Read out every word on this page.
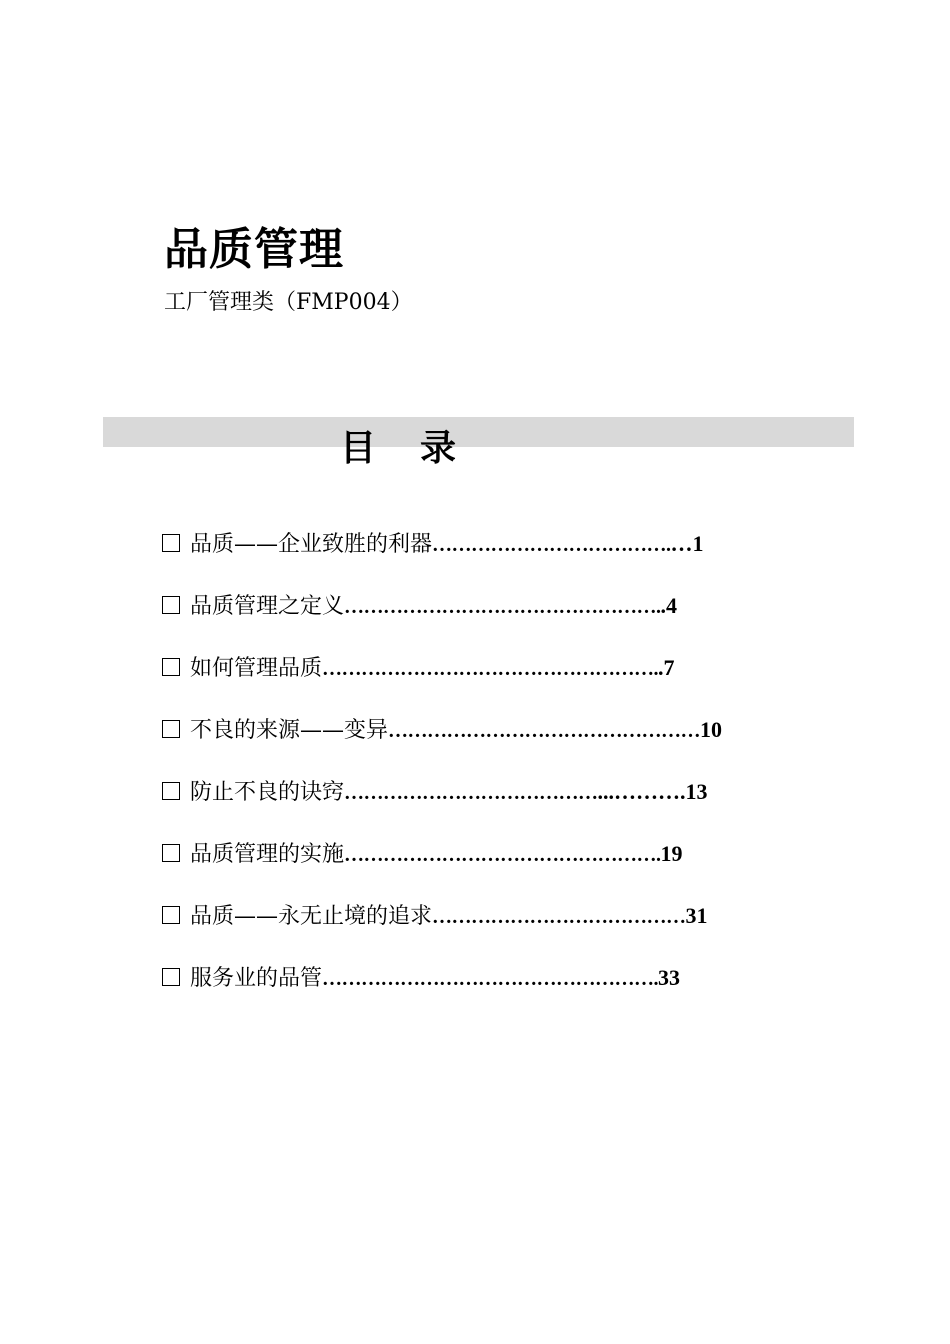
品质管理
工厂管理类（FMP004）
目录
品质——企业致胜的利器……………………………….…1
品质管理之定义…………………………………………..4
如何管理品质……………………………………………..7
不良的来源——变异…………………………………………10
防止不良的诀窍…………………………………...……….13
品质管理的实施………………………………………….19
品质——永无止境的追求…………………………………31
服务业的品管…………………………………………….33
